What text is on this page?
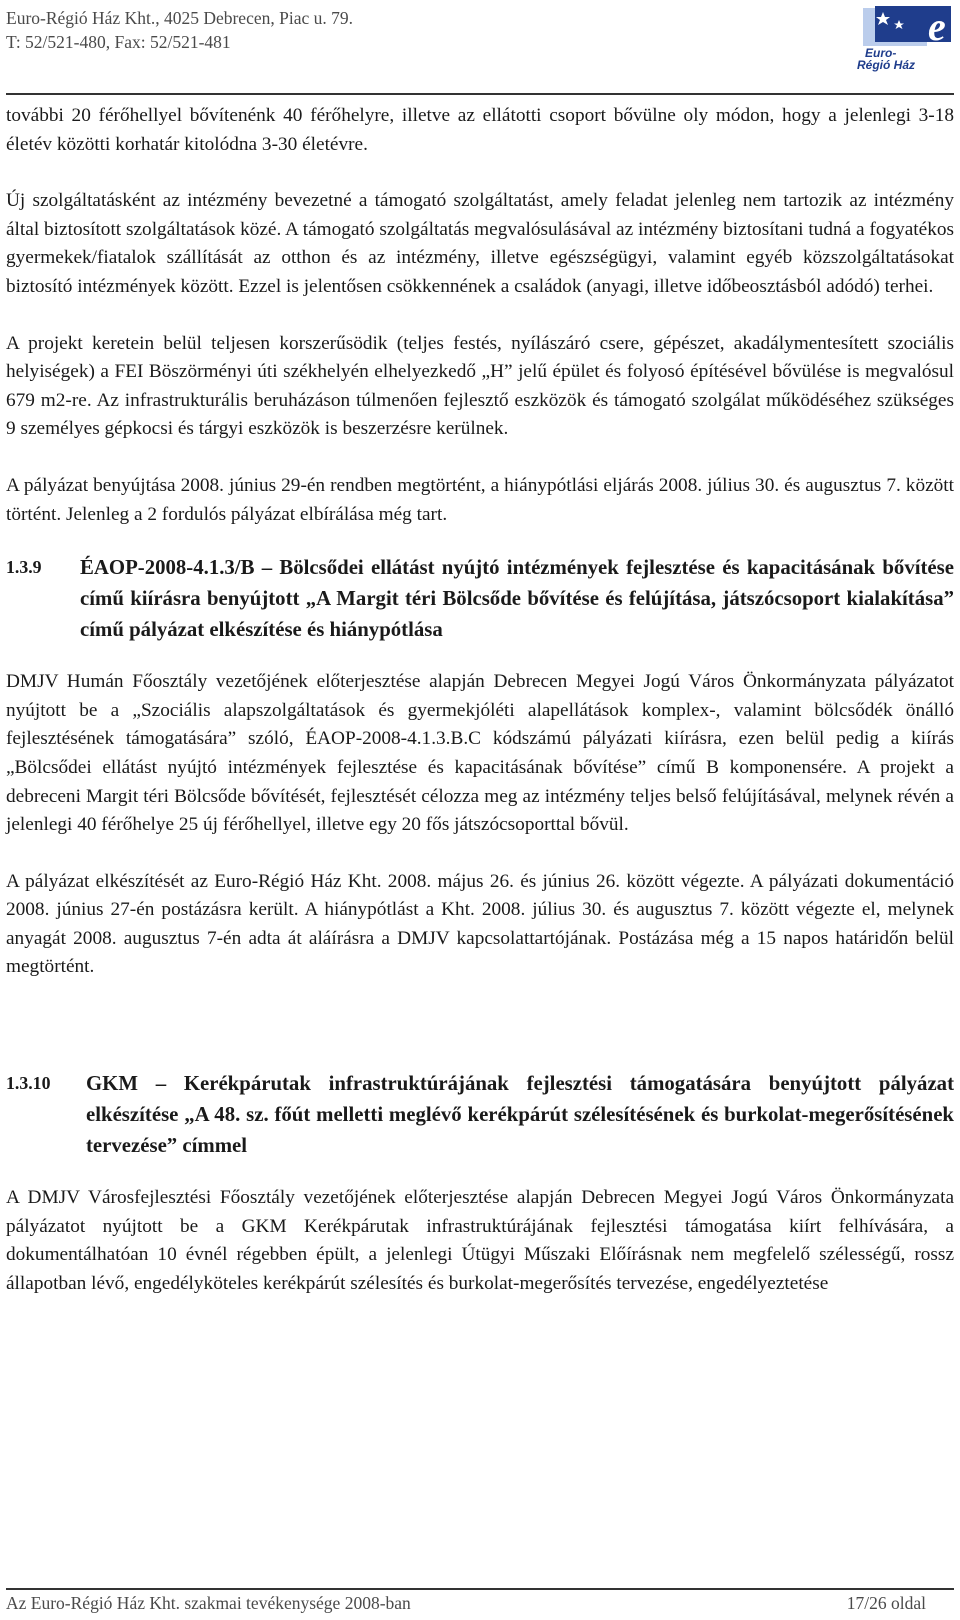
Euro-Régió Ház Kht., 4025 Debrecen, Piac u. 79.
T: 52/521-480, Fax: 52/521-481	e
Euro-
Régió Ház

további 20 férőhellyel bővítenénk 40 férőhelyre, illetve az ellátotti csoport bővülne oly módon, hogy a jelenlegi 3-18 életév közötti korhatár kitolódna 3-30 életévre.

Új szolgáltatásként az intézmény bevezetné a támogató szolgáltatást, amely feladat jelenleg nem tartozik az intézmény által biztosított szolgáltatások közé. A támogató szolgáltatás megvalósulásával az intézmény biztosítani tudná a fogyatékos gyermekek/fiatalok szállítását az otthon és az intézmény, illetve egészségügyi, valamint egyéb közszolgáltatásokat biztosító intézmények között. Ezzel is jelentősen csökkennének a családok (anyagi, illetve időbeosztásból adódó) terhei.

A projekt keretein belül teljesen korszerűsödik (teljes festés, nyílászáró csere, gépészet, akadálymentesített szociális helyiségek) a FEI Böszörményi úti székhelyén elhelyezkedő „H” jelű épület és folyosó építésével bővülése is megvalósul 679 m2-re. Az infrastrukturális beruházáson túlmenően fejlesztő eszközök és támogató szolgálat működéséhez szükséges 9 személyes gépkocsi és tárgyi eszközök is beszerzésre kerülnek.

A pályázat benyújtása 2008. június 29-én rendben megtörtént, a hiánypótlási eljárás 2008. július 30. és augusztus 7. között történt. Jelenleg a 2 fordulós pályázat elbírálása még tart.

1.3.9	ÉAOP-2008-4.1.3/B – Bölcsődei ellátást nyújtó intézmények fejlesztése és kapacitásának bővítése című kiírásra benyújtott „A Margit téri Bölcsőde bővítése és felújítása, játszócsoport kialakítása” című pályázat elkészítése és hiánypótlása

DMJV Humán Főosztály vezetőjének előterjesztése alapján Debrecen Megyei Jogú Város Önkormányzata pályázatot nyújtott be a „Szociális alapszolgáltatások és gyermekjóléti alapellátások komplex-, valamint bölcsődék önálló fejlesztésének támogatására” szóló, ÉAOP-2008-4.1.3.B.C kódszámú pályázati kiírásra, ezen belül pedig a kiírás „Bölcsődei ellátást nyújtó intézmények fejlesztése és kapacitásának bővítése” című B komponensére. A projekt a debreceni Margit téri Bölcsőde bővítését, fejlesztését célozza meg az intézmény teljes belső felújításával, melynek révén a jelenlegi 40 férőhelye 25 új férőhellyel, illetve egy 20 fős játszócsoporttal bővül.

A pályázat elkészítését az Euro-Régió Ház Kht. 2008. május 26. és június 26. között végezte. A pályázati dokumentáció 2008. június 27-én postázásra került. A hiánypótlást a Kht. 2008. július 30. és augusztus 7. között végezte el, melynek anyagát 2008. augusztus 7-én adta át aláírásra a DMJV kapcsolattartójának. Postázása még a 15 napos határidőn belül megtörtént.

1.3.10	GKM – Kerékpárutak infrastruktúrájának fejlesztési támogatására benyújtott pályázat elkészítése „A 48. sz. főút melletti meglévő kerékpárút szélesítésének és burkolat-megerősítésének tervezése” címmel

A DMJV Városfejlesztési Főosztály vezetőjének előterjesztése alapján Debrecen Megyei Jogú Város Önkormányzata pályázatot nyújtott be a GKM Kerékpárutak infrastruktúrájának fejlesztési támogatása kiírt felhívására, a dokumentálhatóan 10 évnél régebben épült, a jelenlegi Útügyi Műszaki Előírásnak nem megfelelő szélességű, rossz állapotban lévő, engedélyköteles kerékpárút szélesítés és burkolat-megerősítés tervezése, engedélyeztetése

Az Euro-Régió Ház Kht. szakmai tevékenysége 2008-ban	17/26 oldal
